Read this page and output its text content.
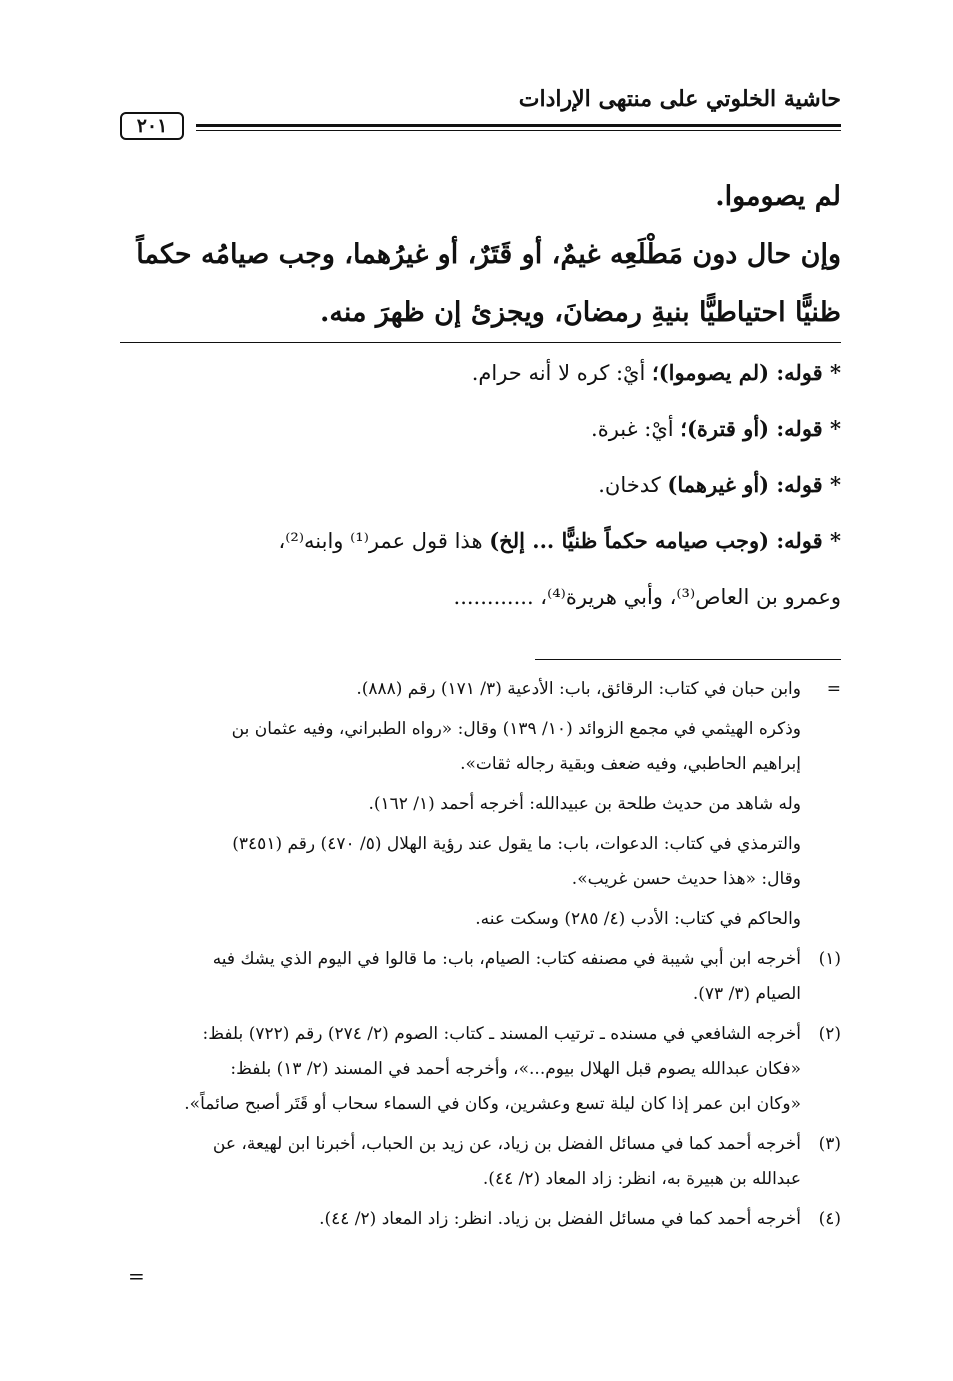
حاشية الخلوتي على منتهى الإرادات
٢٠١

لم يصوموا.

وإن حال دون مَطْلَعِه غيمٌ، أو قَتَرٌ، أو غيرُهما، وجب صيامُه حكماً

ظنيًّا احتياطيًّا بنيةِ رمضانَ، ويجزئ إن ظهرَ منه.

* قوله: (لم يصوموا)؛ أيْ: كره لا أنه حرام.

* قوله: (أو قترة)؛ أيْ: غبرة.

* قوله: (أو غيرهما) كدخان.

* قوله: (وجب صيامه حكماً ظنيًّا ... إلخ) هذا قول عمر⁽¹⁾ وابنه⁽²⁾،

وعمرو بن العاص⁽³⁾، وأبي هريرة⁽⁴⁾، ............

=
وابن حبان في كتاب: الرقائق، باب: الأدعية (٣/ ١٧١) رقم (٨٨٨).
وذكره الهيثمي في مجمع الزوائد (١٠/ ١٣٩) وقال: «رواه الطبراني، وفيه عثمان بن
إبراهيم الحاطبي، وفيه ضعف وبقية رجاله ثقات».
وله شاهد من حديث طلحة بن عبيدالله: أخرجه أحمد (١/ ١٦٢).
والترمذي في كتاب: الدعوات، باب: ما يقول عند رؤية الهلال (٥/ ٤٧٠) رقم (٣٤٥١)
وقال: «هذا حديث حسن غريب».
والحاكم في كتاب: الأدب (٤/ ٢٨٥) وسكت عنه.
(١)
أخرجه ابن أبي شيبة في مصنفه كتاب: الصيام، باب: ما قالوا في اليوم الذي يشك فيه
الصيام (٣/ ٧٣).
(٢)
أخرجه الشافعي في مسنده ـ ترتيب المسند ـ كتاب: الصوم (٢/ ٢٧٤) رقم (٧٢٢) بلفظ:
«فكان عبدالله يصوم قبل الهلال بيوم...»، وأخرجه أحمد في المسند (٢/ ١٣) بلفظ:
«وكان ابن عمر إذا كان ليلة تسع وعشرين، وكان في السماء سحاب أو قَتَر أصبح صائماً».
(٣)
أخرجه أحمد كما في مسائل الفضل بن زياد، عن زيد بن الحباب، أخبرنا ابن لهيعة، عن
عبدالله بن هبيرة به، انظر: زاد المعاد (٢/ ٤٤).
(٤)
أخرجه أحمد كما في مسائل الفضل بن زياد. انظر: زاد المعاد (٢/ ٤٤).
=
